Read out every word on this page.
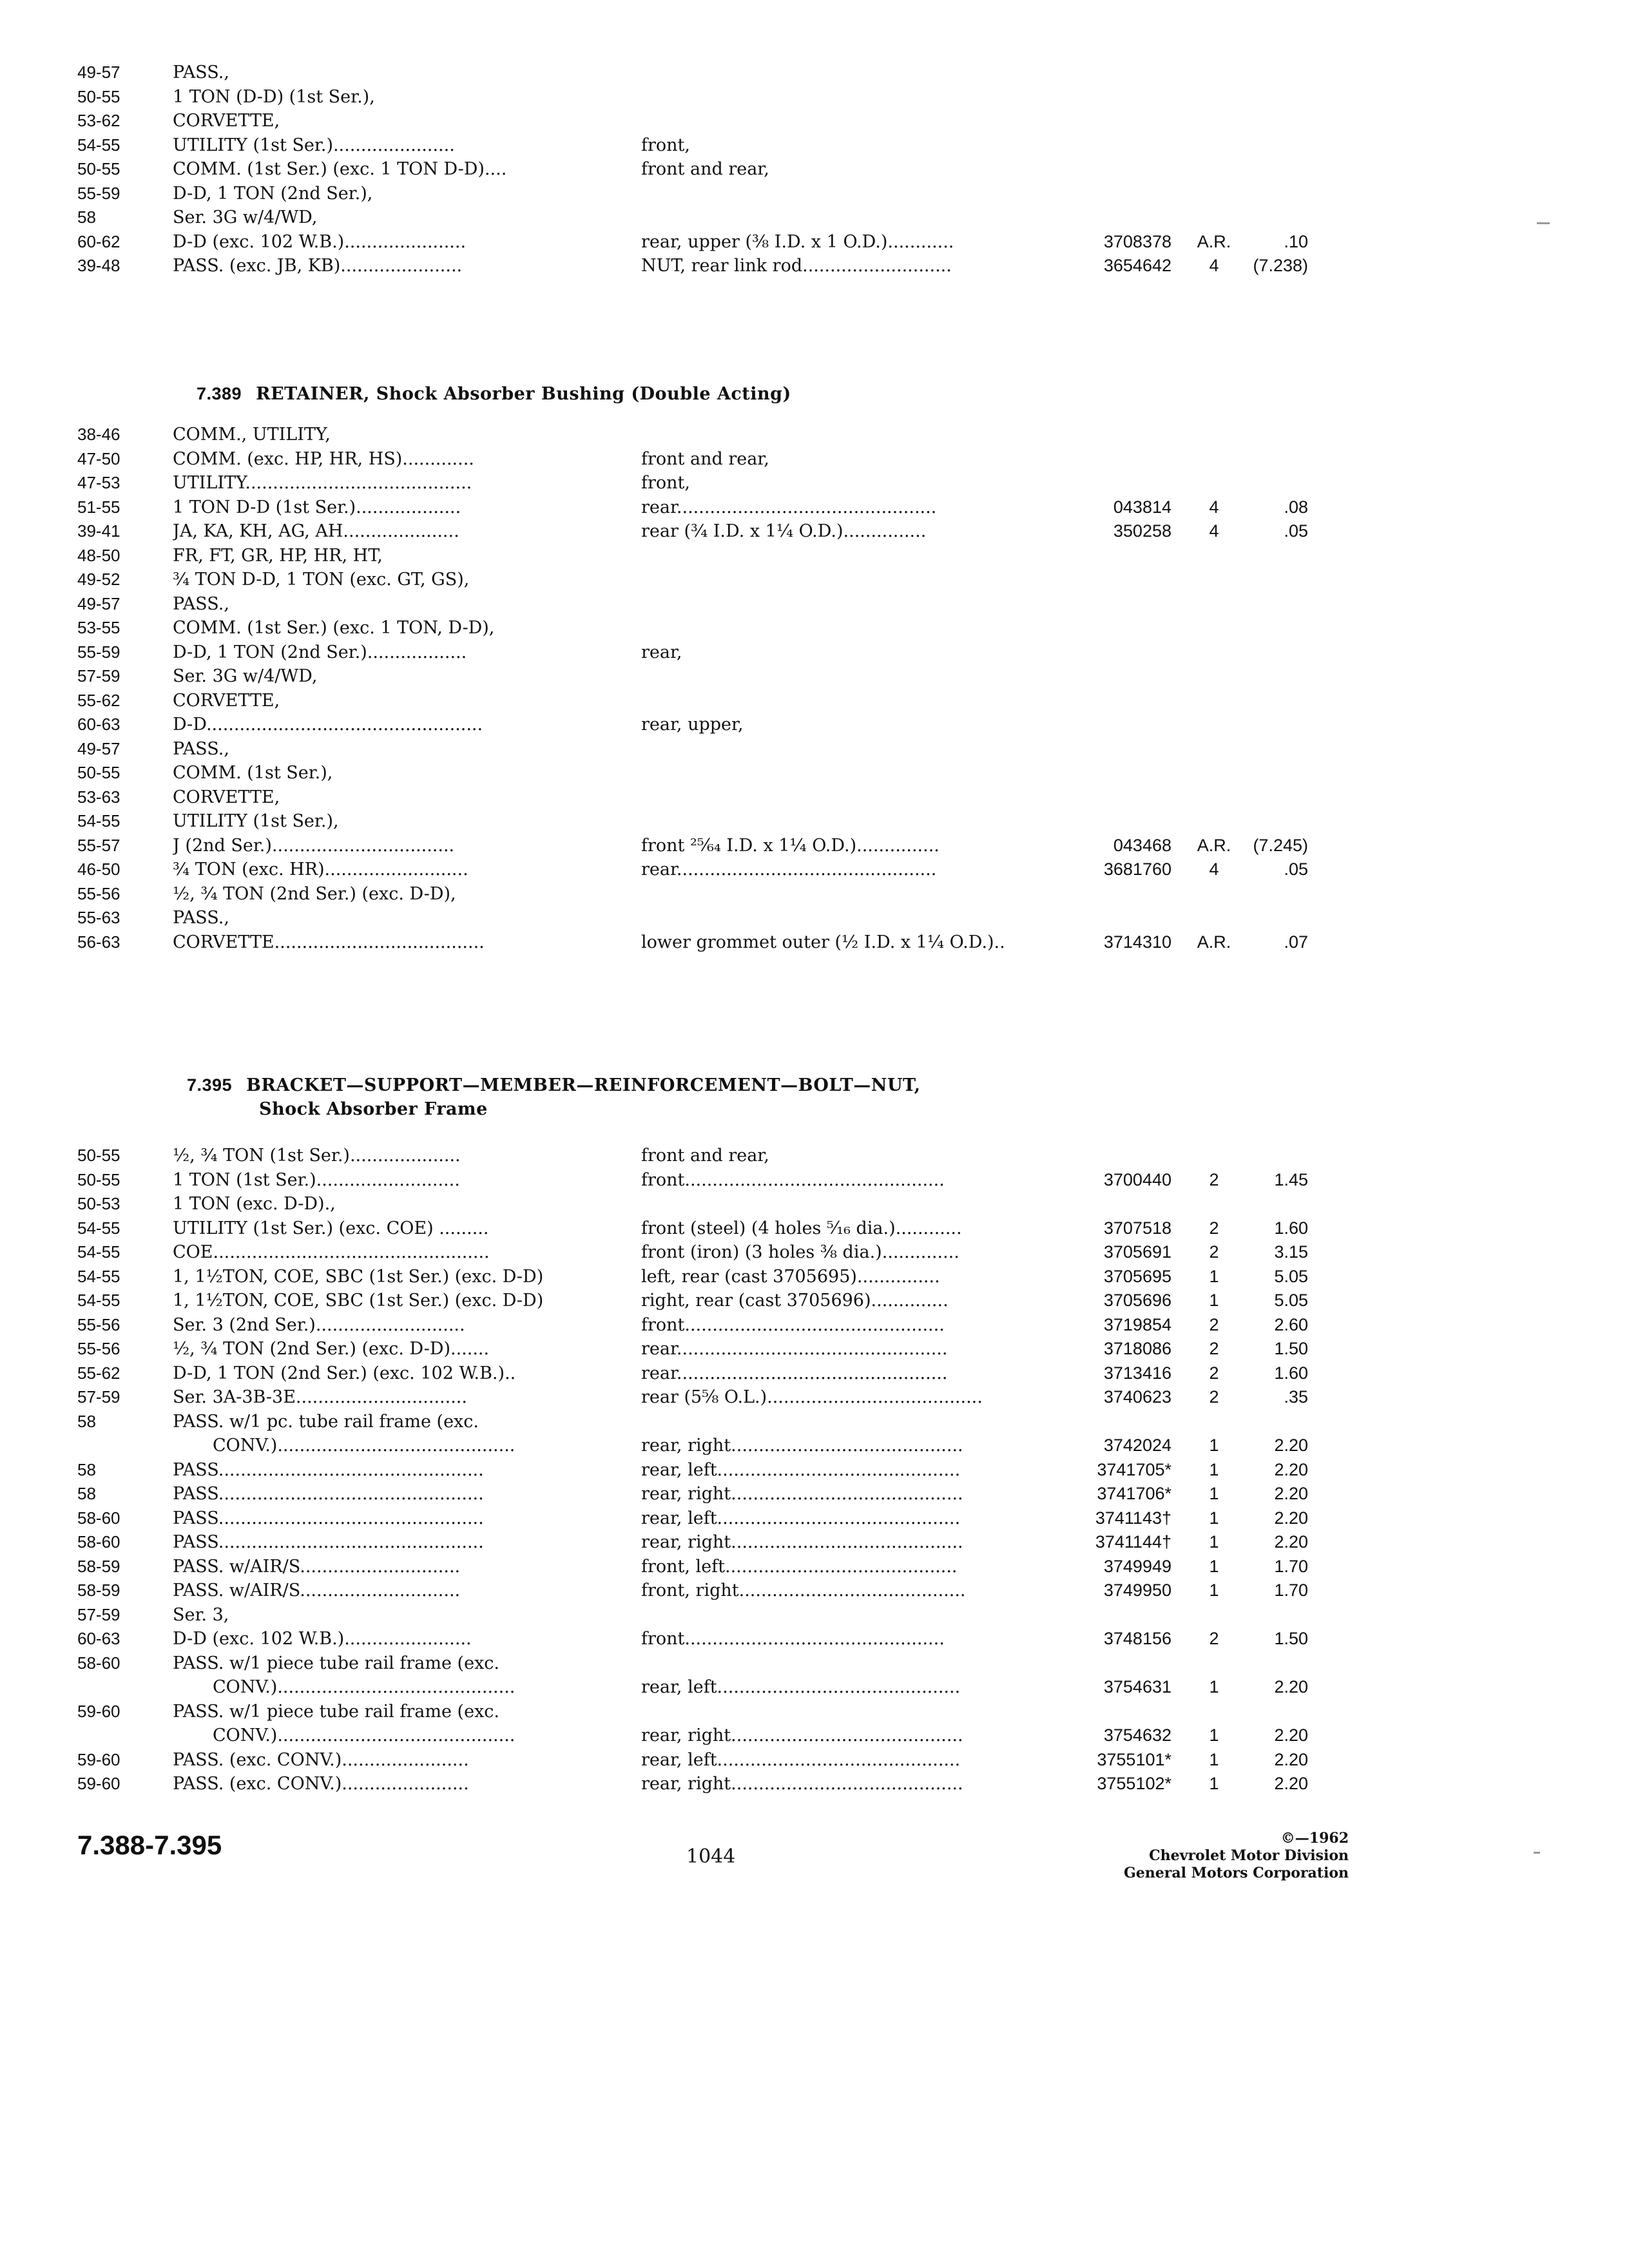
49-57	PASS.,
50-55	1 TON (D-D) (1st Ser.),
53-62	CORVETTE,
54-55	UTILITY (1st Ser.)......................	front,
50-55	COMM. (1st Ser.) (exc. 1 TON D-D)....	front and rear,
55-59	D-D, 1 TON (2nd Ser.),
58	Ser. 3G w/4/WD,
60-62	D-D (exc. 102 W.B.)......................	rear, upper (⅜ I.D. x 1 O.D.)............	3708378	A.R.	.10
39-48	PASS. (exc. JB, KB)......................	NUT, rear link rod...........................	3654642	4	(7.238)
7.389 RETAINER, Shock Absorber Bushing (Double Acting)
38-46	COMM., UTILITY,
47-50	COMM. (exc. HP, HR, HS).............	front and rear,
47-53	UTILITY.........................................	front,
51-55	1 TON D-D (1st Ser.)...................	rear...............................................	043814	4	.08
39-41	JA, KA, KH, AG, AH.....................	rear (¾ I.D. x 1¼ O.D.)...............	350258	4	.05
48-50	FR, FT, GR, HP, HR, HT,
49-52	¾ TON D-D, 1 TON (exc. GT, GS),
49-57	PASS.,
53-55	COMM. (1st Ser.) (exc. 1 TON, D-D),
55-59	D-D, 1 TON (2nd Ser.)..................	rear,
57-59	Ser. 3G w/4/WD,
55-62	CORVETTE,
60-63	D-D..................................................	rear, upper,
49-57	PASS.,
50-55	COMM. (1st Ser.),
53-63	CORVETTE,
54-55	UTILITY (1st Ser.),
55-57	J (2nd Ser.).................................	front ²⁵⁄₆₄ I.D. x 1¼ O.D.)...............	043468	A.R.	(7.245)
46-50	¾ TON (exc. HR)..........................	rear...............................................	3681760	4	.05
55-56	½, ¾ TON (2nd Ser.) (exc. D-D),
55-63	PASS.,
56-63	CORVETTE......................................	lower grommet outer (½ I.D. x 1¼ O.D.)..	3714310	A.R.	.07
7.395 BRACKET—SUPPORT—MEMBER—REINFORCEMENT—BOLT—NUT,
Shock Absorber Frame
50-55	½, ¾ TON (1st Ser.)....................	front and rear,
50-55	1 TON (1st Ser.)..........................	front...............................................	3700440	2	1.45
50-53	1 TON (exc. D-D).,
54-55	UTILITY (1st Ser.) (exc. COE) .........	front (steel) (4 holes ⁵⁄₁₆ dia.)............	3707518	2	1.60
54-55	COE..................................................	front (iron) (3 holes ⅜ dia.)..............	3705691	2	3.15
54-55	1, 1½TON, COE, SBC (1st Ser.) (exc. D-D)	left, rear (cast 3705695)...............	3705695	1	5.05
54-55	1, 1½TON, COE, SBC (1st Ser.) (exc. D-D)	right, rear (cast 3705696)..............	3705696	1	5.05
55-56	Ser. 3 (2nd Ser.)...........................	front...............................................	3719854	2	2.60
55-56	½, ¾ TON (2nd Ser.) (exc. D-D).......	rear.................................................	3718086	2	1.50
55-62	D-D, 1 TON (2nd Ser.) (exc. 102 W.B.)..	rear.................................................	3713416	2	1.60
57-59	Ser. 3A-3B-3E...............................	rear (5⅝ O.L.).......................................	3740623	2	.35
58	PASS. w/1 pc. tube rail frame (exc.
CONV.)...........................................	rear, right..........................................	3742024	1	2.20
58	PASS................................................	rear, left............................................	3741705*	1	2.20
58	PASS................................................	rear, right..........................................	3741706*	1	2.20
58-60	PASS................................................	rear, left............................................	3741143†	1	2.20
58-60	PASS................................................	rear, right..........................................	3741144†	1	2.20
58-59	PASS. w/AIR/S.............................	front, left..........................................	3749949	1	1.70
58-59	PASS. w/AIR/S.............................	front, right.........................................	3749950	1	1.70
57-59	Ser. 3,
60-63	D-D (exc. 102 W.B.).......................	front...............................................	3748156	2	1.50
58-60	PASS. w/1 piece tube rail frame (exc.
CONV.)...........................................	rear, left............................................	3754631	1	2.20
59-60	PASS. w/1 piece tube rail frame (exc.
CONV.)...........................................	rear, right..........................................	3754632	1	2.20
59-60	PASS. (exc. CONV.).......................	rear, left............................................	3755101*	1	2.20
59-60	PASS. (exc. CONV.).......................	rear, right..........................................	3755102*	1	2.20
7.388-7.395	1044
©—1962
Chevrolet Motor Division
General Motors Corporation
